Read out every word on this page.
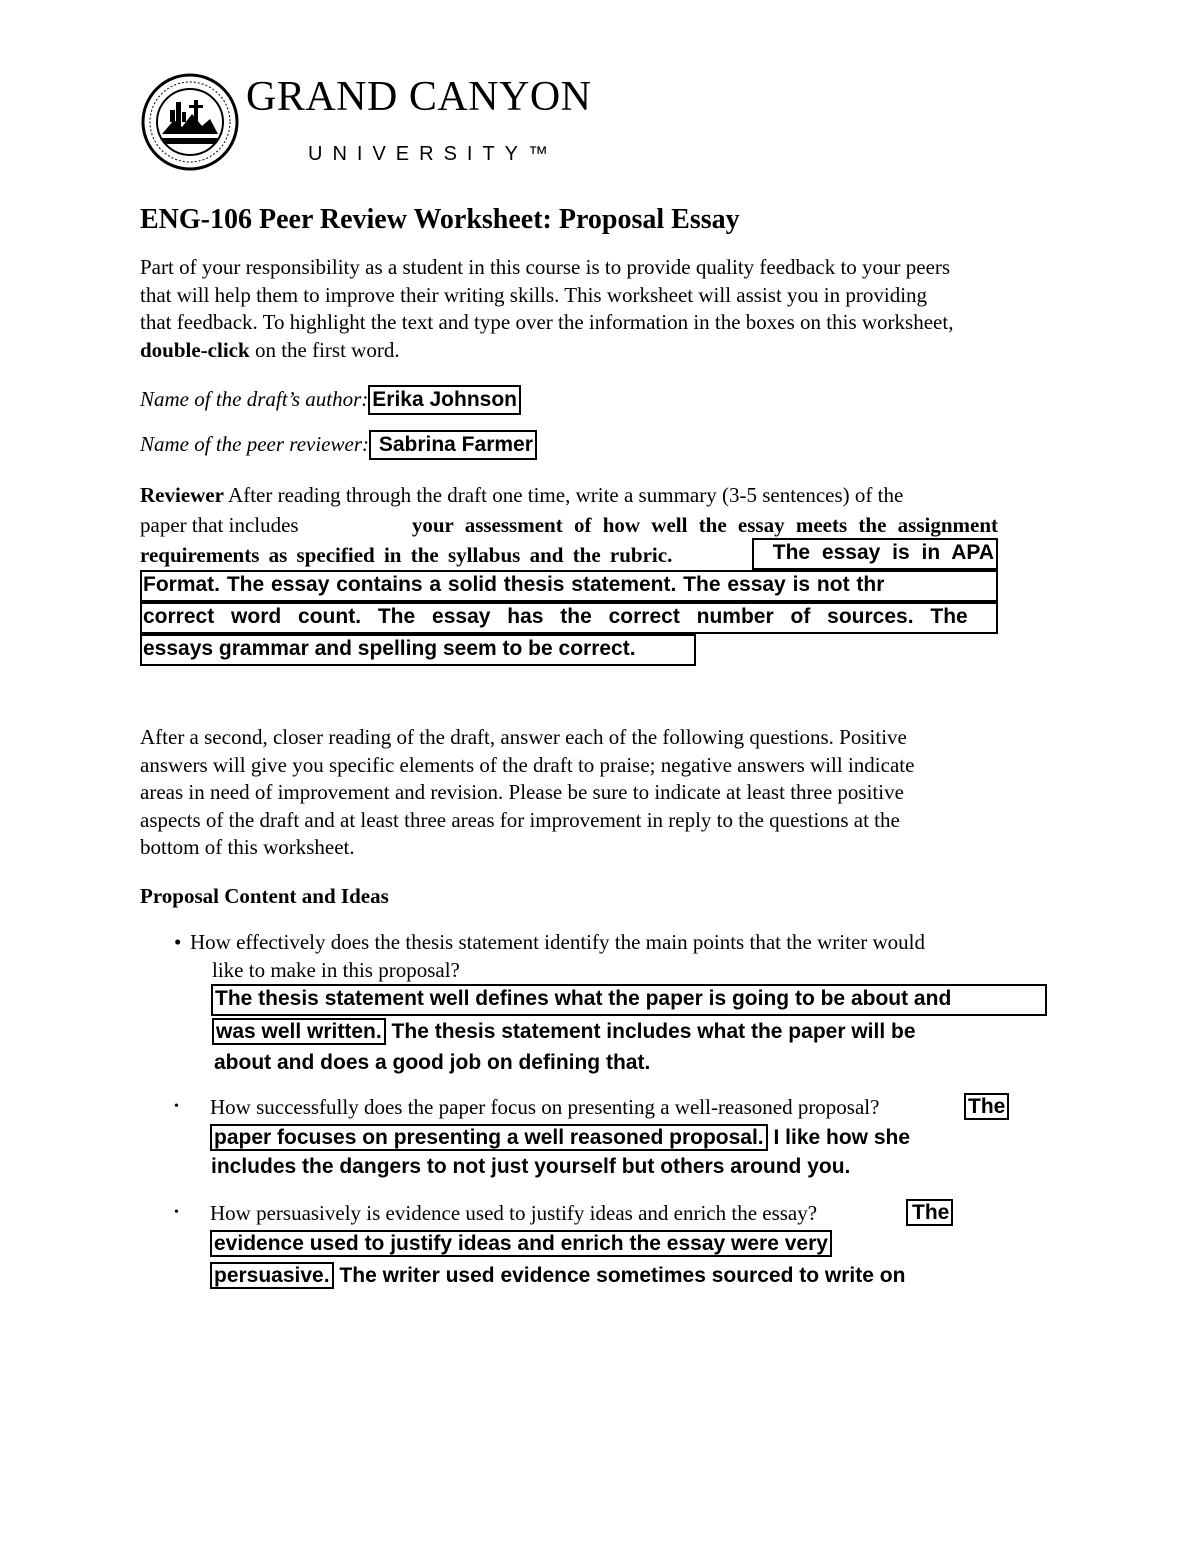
GRAND CANYON
UNIVERSITY™
ENG-106 Peer Review Worksheet: Proposal Essay
Part of your responsibility as a student in this course is to provide quality feedback to your peers
that will help them to improve their writing skills. This worksheet will assist you in providing
that feedback. To highlight the text and type over the information in the boxes on this worksheet,
double-click on the first word.
Name of the draft’s author: Erika Johnson
Name of the peer reviewer: Sabrina Farmer
Reviewer After reading through the draft one time, write a summary (3-5 sentences) of the
paper that includes	your assessment of how well the essay meets the assignment
requirements as specified in the syllabus and the rubric.	The essay is in APA
Format. The essay contains a solid thesis statement. The essay is not thr
correct word count. The essay has the correct number of sources. The
essays grammar and spelling seem to be correct.
After a second, closer reading of the draft, answer each of the following questions. Positive
answers will give you specific elements of the draft to praise; negative answers will indicate
areas in need of improvement and revision. Please be sure to indicate at least three positive
aspects of the draft and at least three areas for improvement in reply to the questions at the
bottom of this worksheet.
Proposal Content and Ideas
• How effectively does the thesis statement identify the main points that the writer would
like to make in this proposal?
The thesis statement well defines what the paper is going to be about and
was well written. The thesis statement includes what the paper will be
about and does a good job on defining that.
• How successfully does the paper focus on presenting a well-reasoned proposal?	The
paper focuses on presenting a well reasoned proposal. I like how she
includes the dangers to not just yourself but others around you.
• How persuasively is evidence used to justify ideas and enrich the essay?	The
evidence used to justify ideas and enrich the essay were very
persuasive. The writer used evidence sometimes sourced to write on
